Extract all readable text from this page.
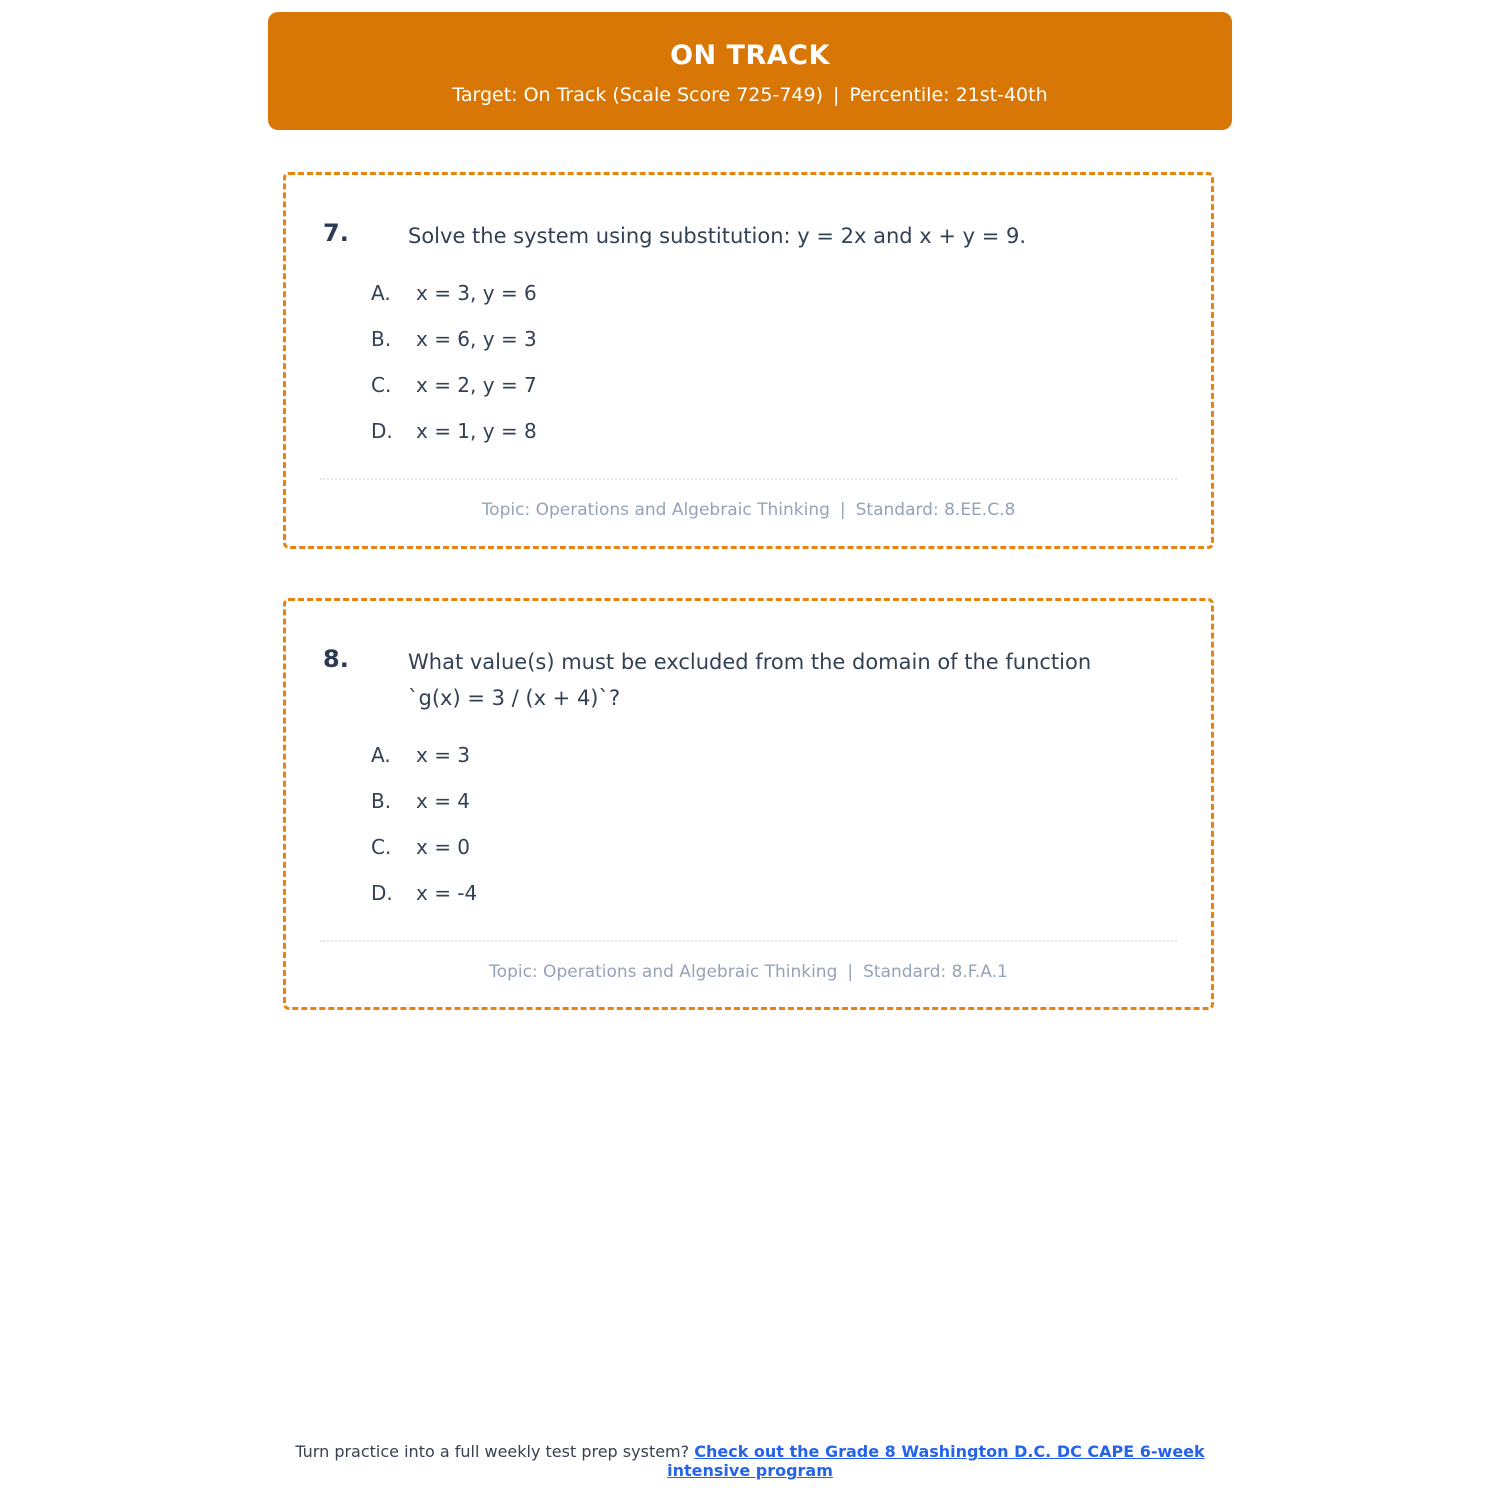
ON TRACK
Target: On Track (Scale Score 725-749) | Percentile: 21st-40th
7.	Solve the system using substitution: y = 2x and x + y = 9.
A.	x = 3, y = 6
B.	x = 6, y = 3
C.	x = 2, y = 7
D.	x = 1, y = 8
Topic: Operations and Algebraic Thinking | Standard: 8.EE.C.8
8.	What value(s) must be excluded from the domain of the function
`g(x) = 3 / (x + 4)`?
A.	x = 3
B.	x = 4
C.	x = 0
D.	x = -4
Topic: Operations and Algebraic Thinking | Standard: 8.F.A.1
Turn practice into a full weekly test prep system? Check out the Grade 8 Washington D.C. DC CAPE 6-week intensive program
